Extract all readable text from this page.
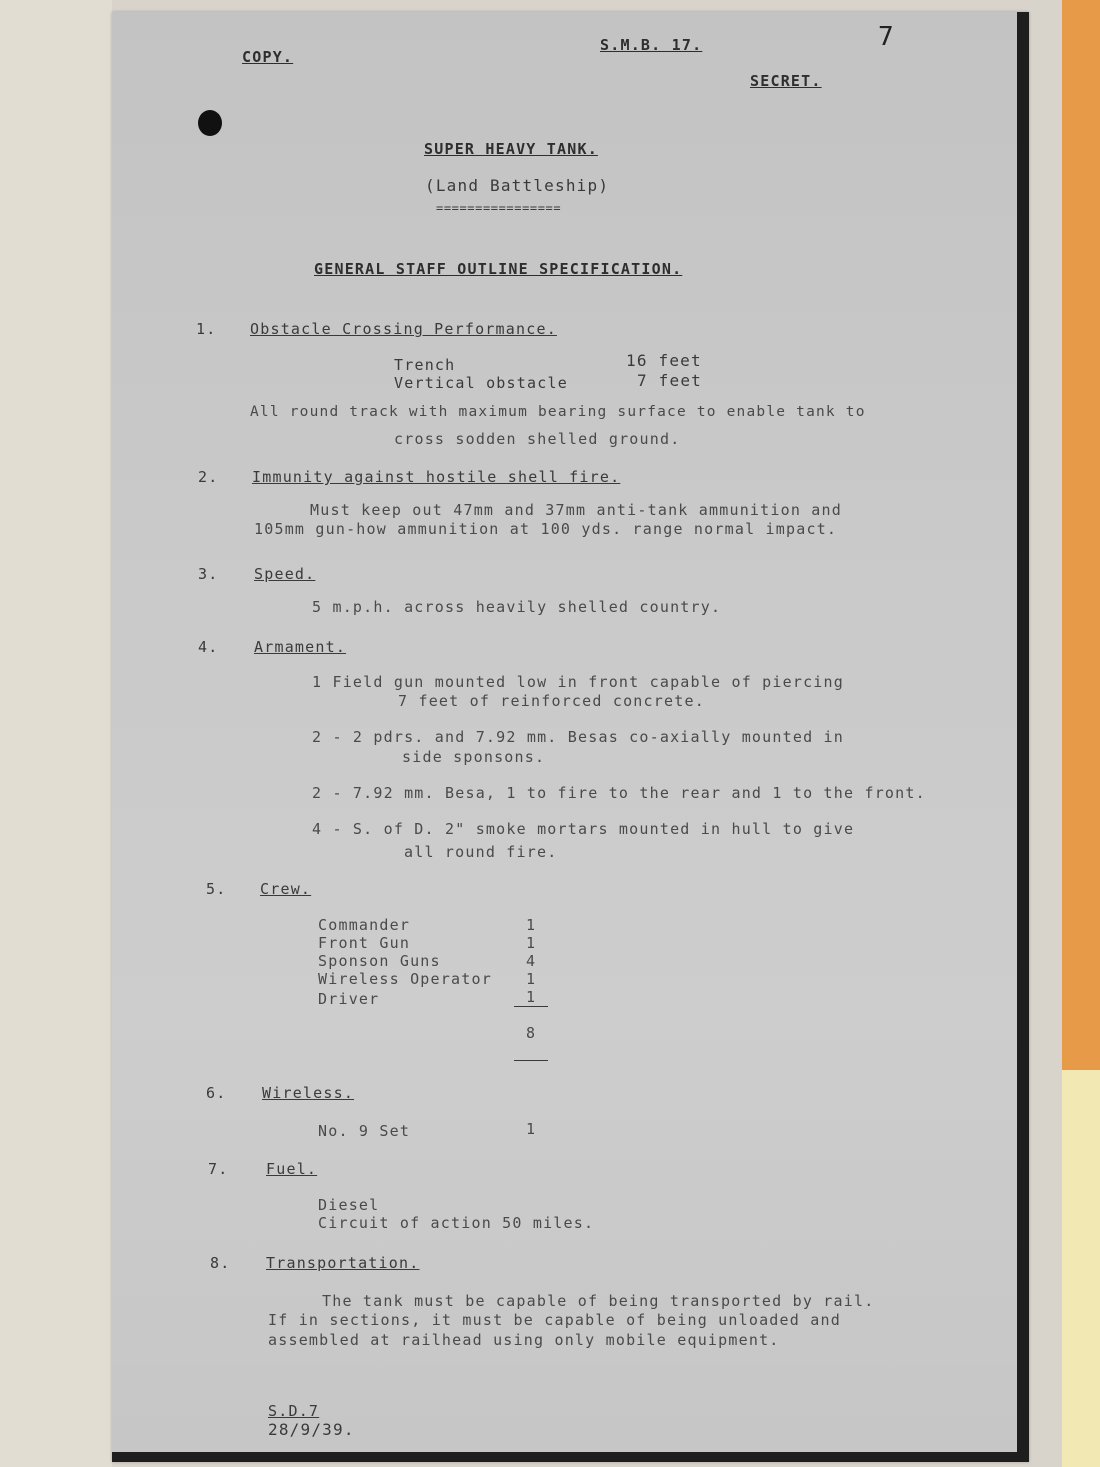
COPY.
S.M.B. 17.	7
SECRET.
SUPER HEAVY TANK.
(Land Battleship)
================
GENERAL STAFF OUTLINE SPECIFICATION.
1. Obstacle Crossing Performance.
Trench	16 feet
Vertical obstacle	7 feet
All round track with maximum bearing surface to enable tank to
cross sodden shelled ground.
2. Immunity against hostile shell fire.
Must keep out 47mm and 37mm anti-tank ammunition and
105mm gun-how ammunition at 100 yds. range normal impact.
3. Speed.
5 m.p.h. across heavily shelled country.
4. Armament.
1 Field gun mounted low in front capable of piercing
7 feet of reinforced concrete.
2 - 2 pdrs. and 7.92 mm. Besas co-axially mounted in
side sponsons.
2 - 7.92 mm. Besa, 1 to fire to the rear and 1 to the front.
4 - S. of D. 2" smoke mortars mounted in hull to give
all round fire.
5. Crew.
Commander	1
Front Gun	1
Sponson Guns	4
Wireless Operator 1
Driver	1
8
6. Wireless.
No. 9 Set	1
7.	Fuel.
Diesel
Circuit of action 50 miles.
8. Transportation.
The tank must be capable of being transported by rail.
If in sections, it must be capable of being unloaded and
assembled at railhead using only mobile equipment.
S.D.7
28/9/39.
